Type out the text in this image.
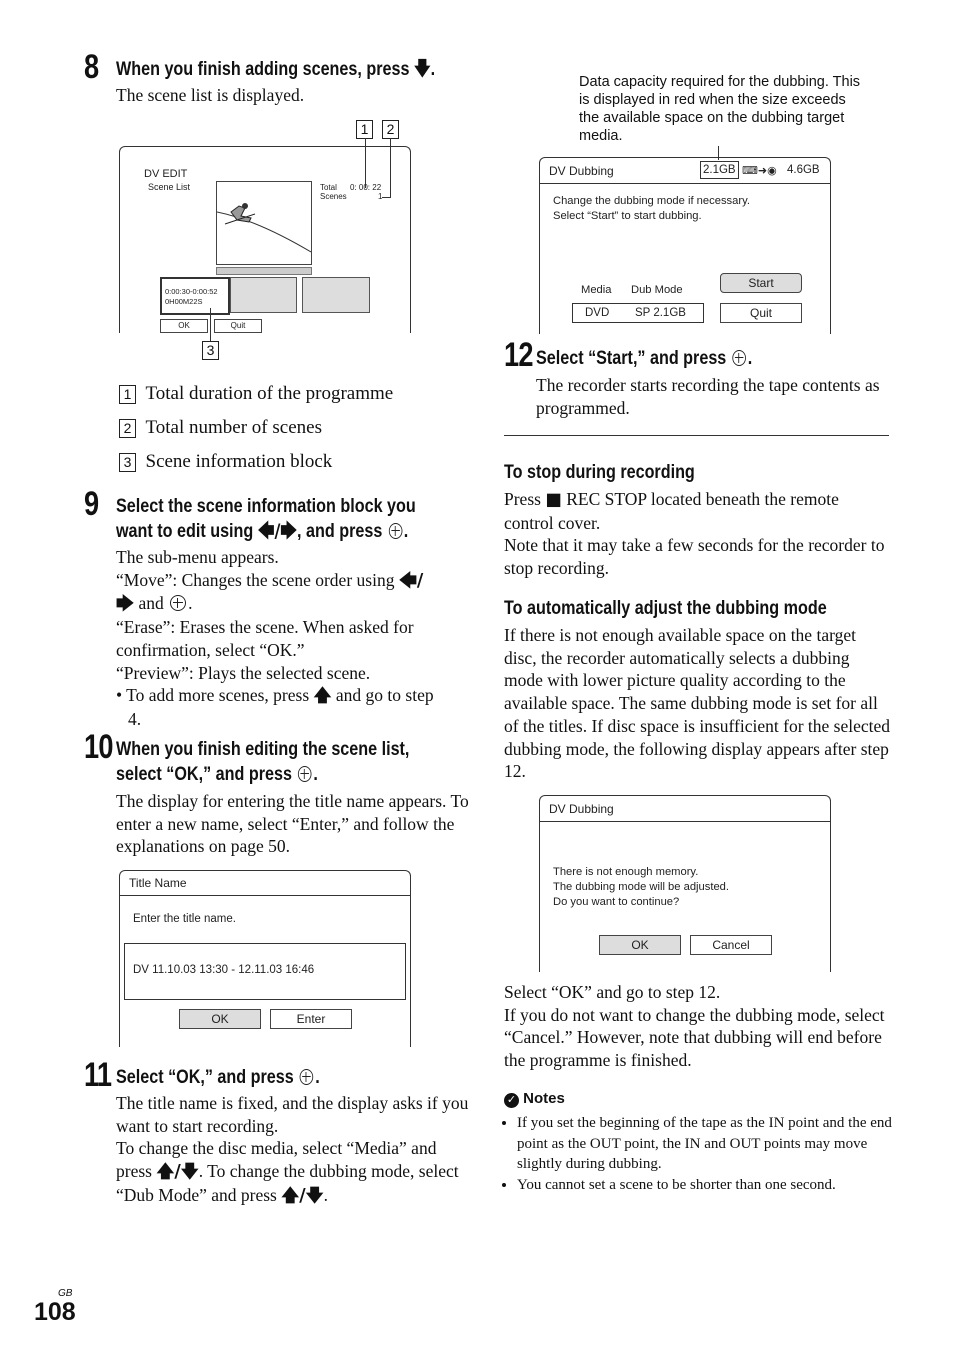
8 When you finish adding scenes, press 🡇.
The scene list is displayed.
1	2
DV EDIT
Scene List	Total 0: 00: 22
Scenes	1
0:00:30-0:00:52
0H00M22S
OK	Quit
3
1 Total duration of the programme
2 Total number of scenes
3 Scene information block
9 Select the scene information block you
want to edit using 🡄/🡆, and press .

The sub-menu appears.

“Move”: Changes the scene order using 🡄/
🡆 and .

“Erase”: Erases the scene. When asked for confirmation, select “OK.”

“Preview”: Plays the selected scene.

• To add more scenes, press 🡅 and go to step

4.

10 When you finish editing the scene list,
select “OK,” and press .
The display for entering the title name appears. To enter a new name, select “Enter,” and follow the explanations on page 50.
Title Name
Enter the title name.
DV 11.10.03 13:30 - 12.11.03 16:46
OK	Enter
11 Select “OK,” and press .

The title name is fixed, and the display asks if you want to start recording.

To change the disc media, select “Media” and press 🡅/🡇. To change the dubbing mode, select “Dub Mode” and press 🡅/🡇.

GB
108
Data capacity required for the dubbing. This is displayed in red when the size exceeds the available space on the dubbing target media.
DV Dubbing	2.1GB ⌨➜◉ 4.6GB
Change the dubbing mode if necessary.
Select “Start” to start dubbing.
Media Dub Mode
DVD SP 2.1GB
Start
Quit
12 Select “Start,” and press .
The recorder starts recording the tape contents as programmed.
To stop during recording

Press ■ REC STOP located beneath the remote control cover.

Note that it may take a few seconds for the recorder to stop recording.

To automatically adjust the dubbing mode
If there is not enough available space on the target disc, the recorder automatically selects a dubbing mode with lower picture quality according to the available space. The same dubbing mode is set for all of the titles. If disc space is insufficient for the selected dubbing mode, the following display appears after step 12.
DV Dubbing
There is not enough memory.
The dubbing mode will be adjusted.
Do you want to continue?
OK	Cancel

Select “OK” and go to step 12.

If you do not want to change the dubbing mode, select “Cancel.” However, note that dubbing will end before the programme is finished.

✓ Notes
• If you set the beginning of the tape as the IN point and the end point as the OUT point, the IN and OUT points may move slightly during dubbing.
• You cannot set a scene to be shorter than one second.
